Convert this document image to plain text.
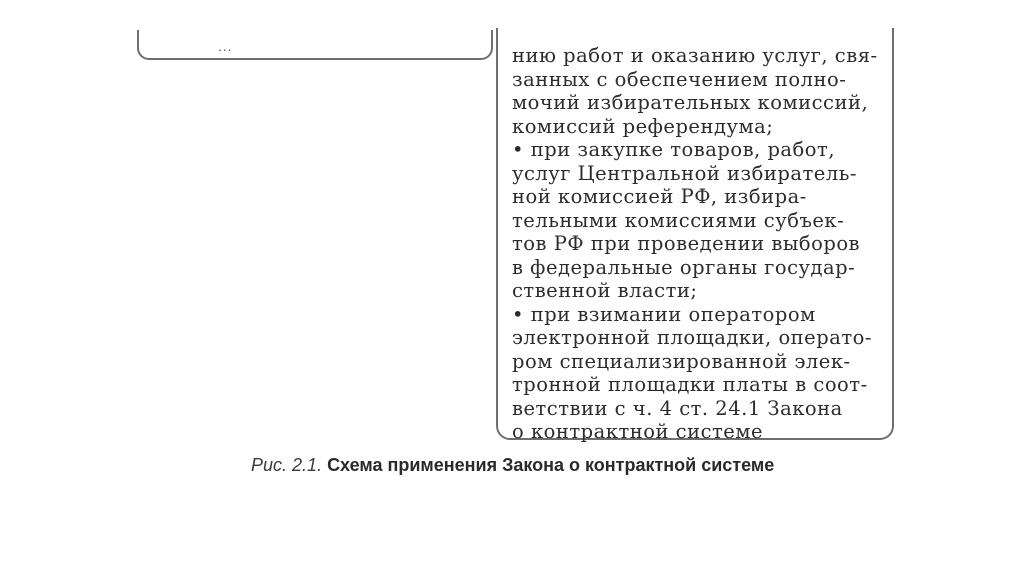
...	нию работ и оказанию услуг, свя-
занных с обеспечением полно-
мочий избирательных комиссий,
комиссий референдума;
• при закупке товаров, работ,
услуг Центральной избиратель-
ной комиссией РФ, избира-
тельными комиссиями субъек-
тов РФ при проведении выборов
в федеральные органы государ-
ственной власти;
• при взимании оператором
электронной площадки, операто-
ром специализированной элек-
тронной площадки платы в соот-
ветствии с ч. 4 ст. 24.1 Закона
о контрактной системе
Рис. 2.1. Схема применения Закона о контрактной системе
